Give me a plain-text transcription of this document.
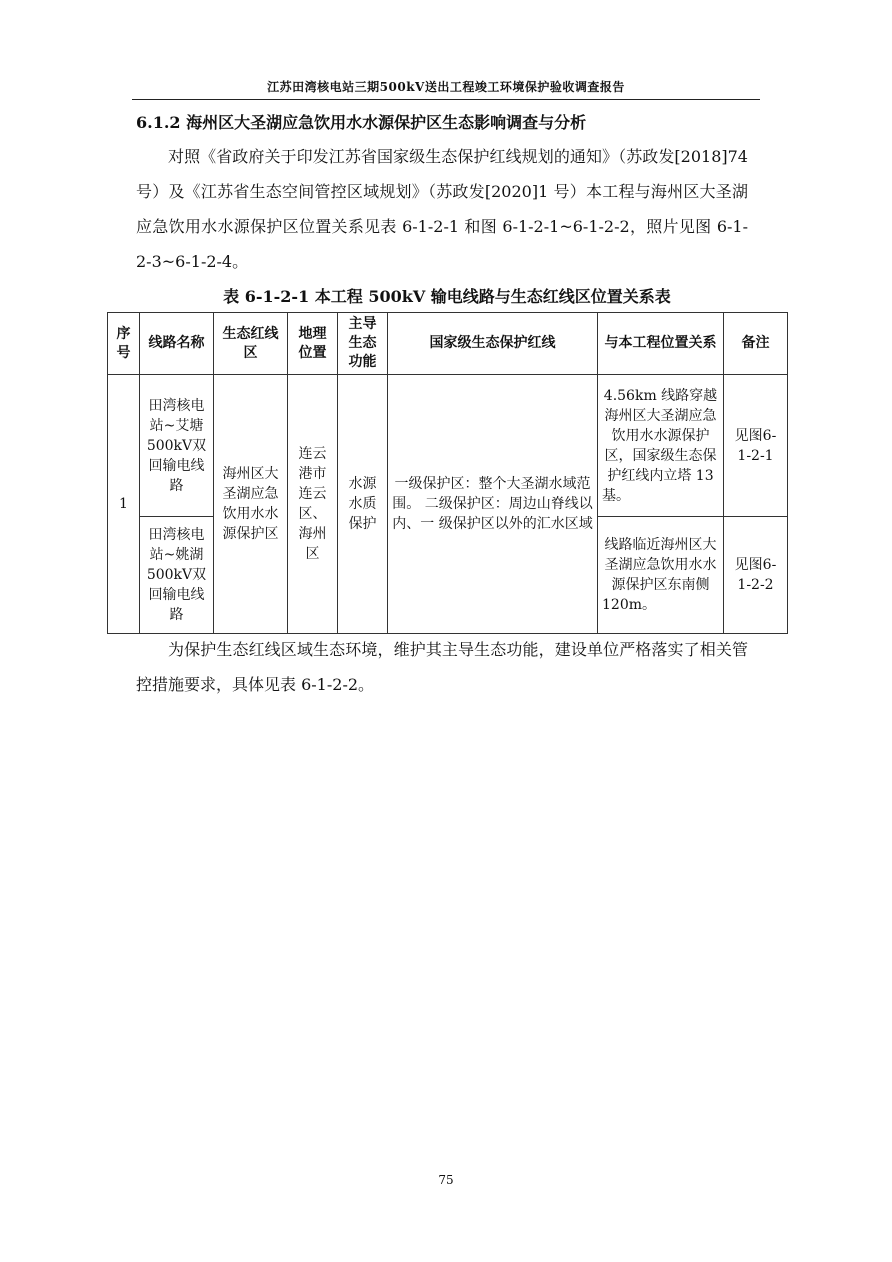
江苏田湾核电站三期500kV送出工程竣工环境保护验收调查报告
6.1.2 海州区大圣湖应急饮用水水源保护区生态影响调查与分析

对照《省政府关于印发江苏省国家级生态保护红线规划的通知》（苏政发[2018]74 号）及《江苏省生态空间管控区域规划》（苏政发[2020]1 号）本工程与海州区大圣湖应急饮用水水源保护区位置关系见表 6-1-2-1 和图 6-1-2-1~6-1-2-2，照片见图 6-1-2-3~6-1-2-4。

表 6-1-2-1 本工程 500kV 输电线路与生态红线区位置关系表
序号	线路名称	生态红线区	地理位置	主导生态功能	国家级生态保护红线	与本工程位置关系	备注
1	田湾核电站~艾塘500kV双回输电线路	海州区大圣湖应急饮用水水源保护区	连云港市连云区、海州区	水源水质保护	一级保护区：整个大圣湖水域范围。 二级保护区：周边山脊线以内、一 级保护区以外的汇水区域	4.56km 线路穿越海州区大圣湖应急饮用水水源保护区，国家级生态保护红线内立塔 13 基。	见图6-1-2-1
	田湾核电站~姚湖500kV双回输电线路					线路临近海州区大圣湖应急饮用水水源保护区东南侧 120m。	见图6-1-2-2

为保护生态红线区域生态环境，维护其主导生态功能，建设单位严格落实了相关管控措施要求，具体见表 6-1-2-2。

75
